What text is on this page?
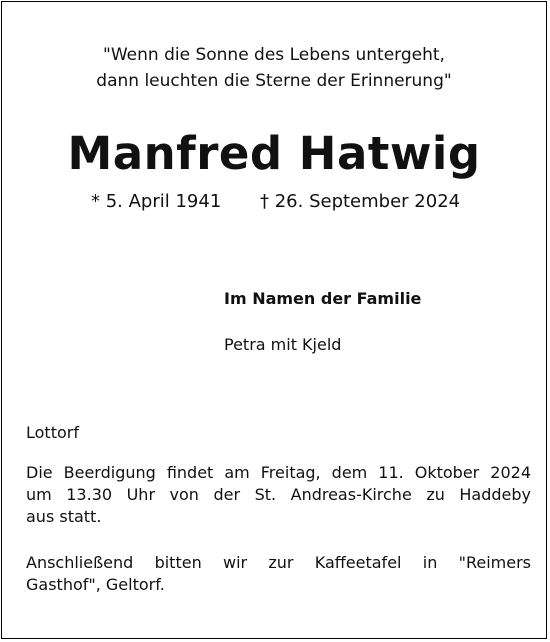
"Wenn die Sonne des Lebens untergeht,
dann leuchten die Sterne der Erinnerung"
Manfred Hatwig
* 5. April 1941 † 26. September 2024
Im Namen der Familie
Petra mit Kjeld
Lottorf
Die Beerdigung findet am Freitag, dem 11. Oktober 2024
um 13.30 Uhr von der St. Andreas-Kirche zu Haddeby
aus statt.
Anschließend bitten wir zur Kaffeetafel in "Reimers
Gasthof", Geltorf.
